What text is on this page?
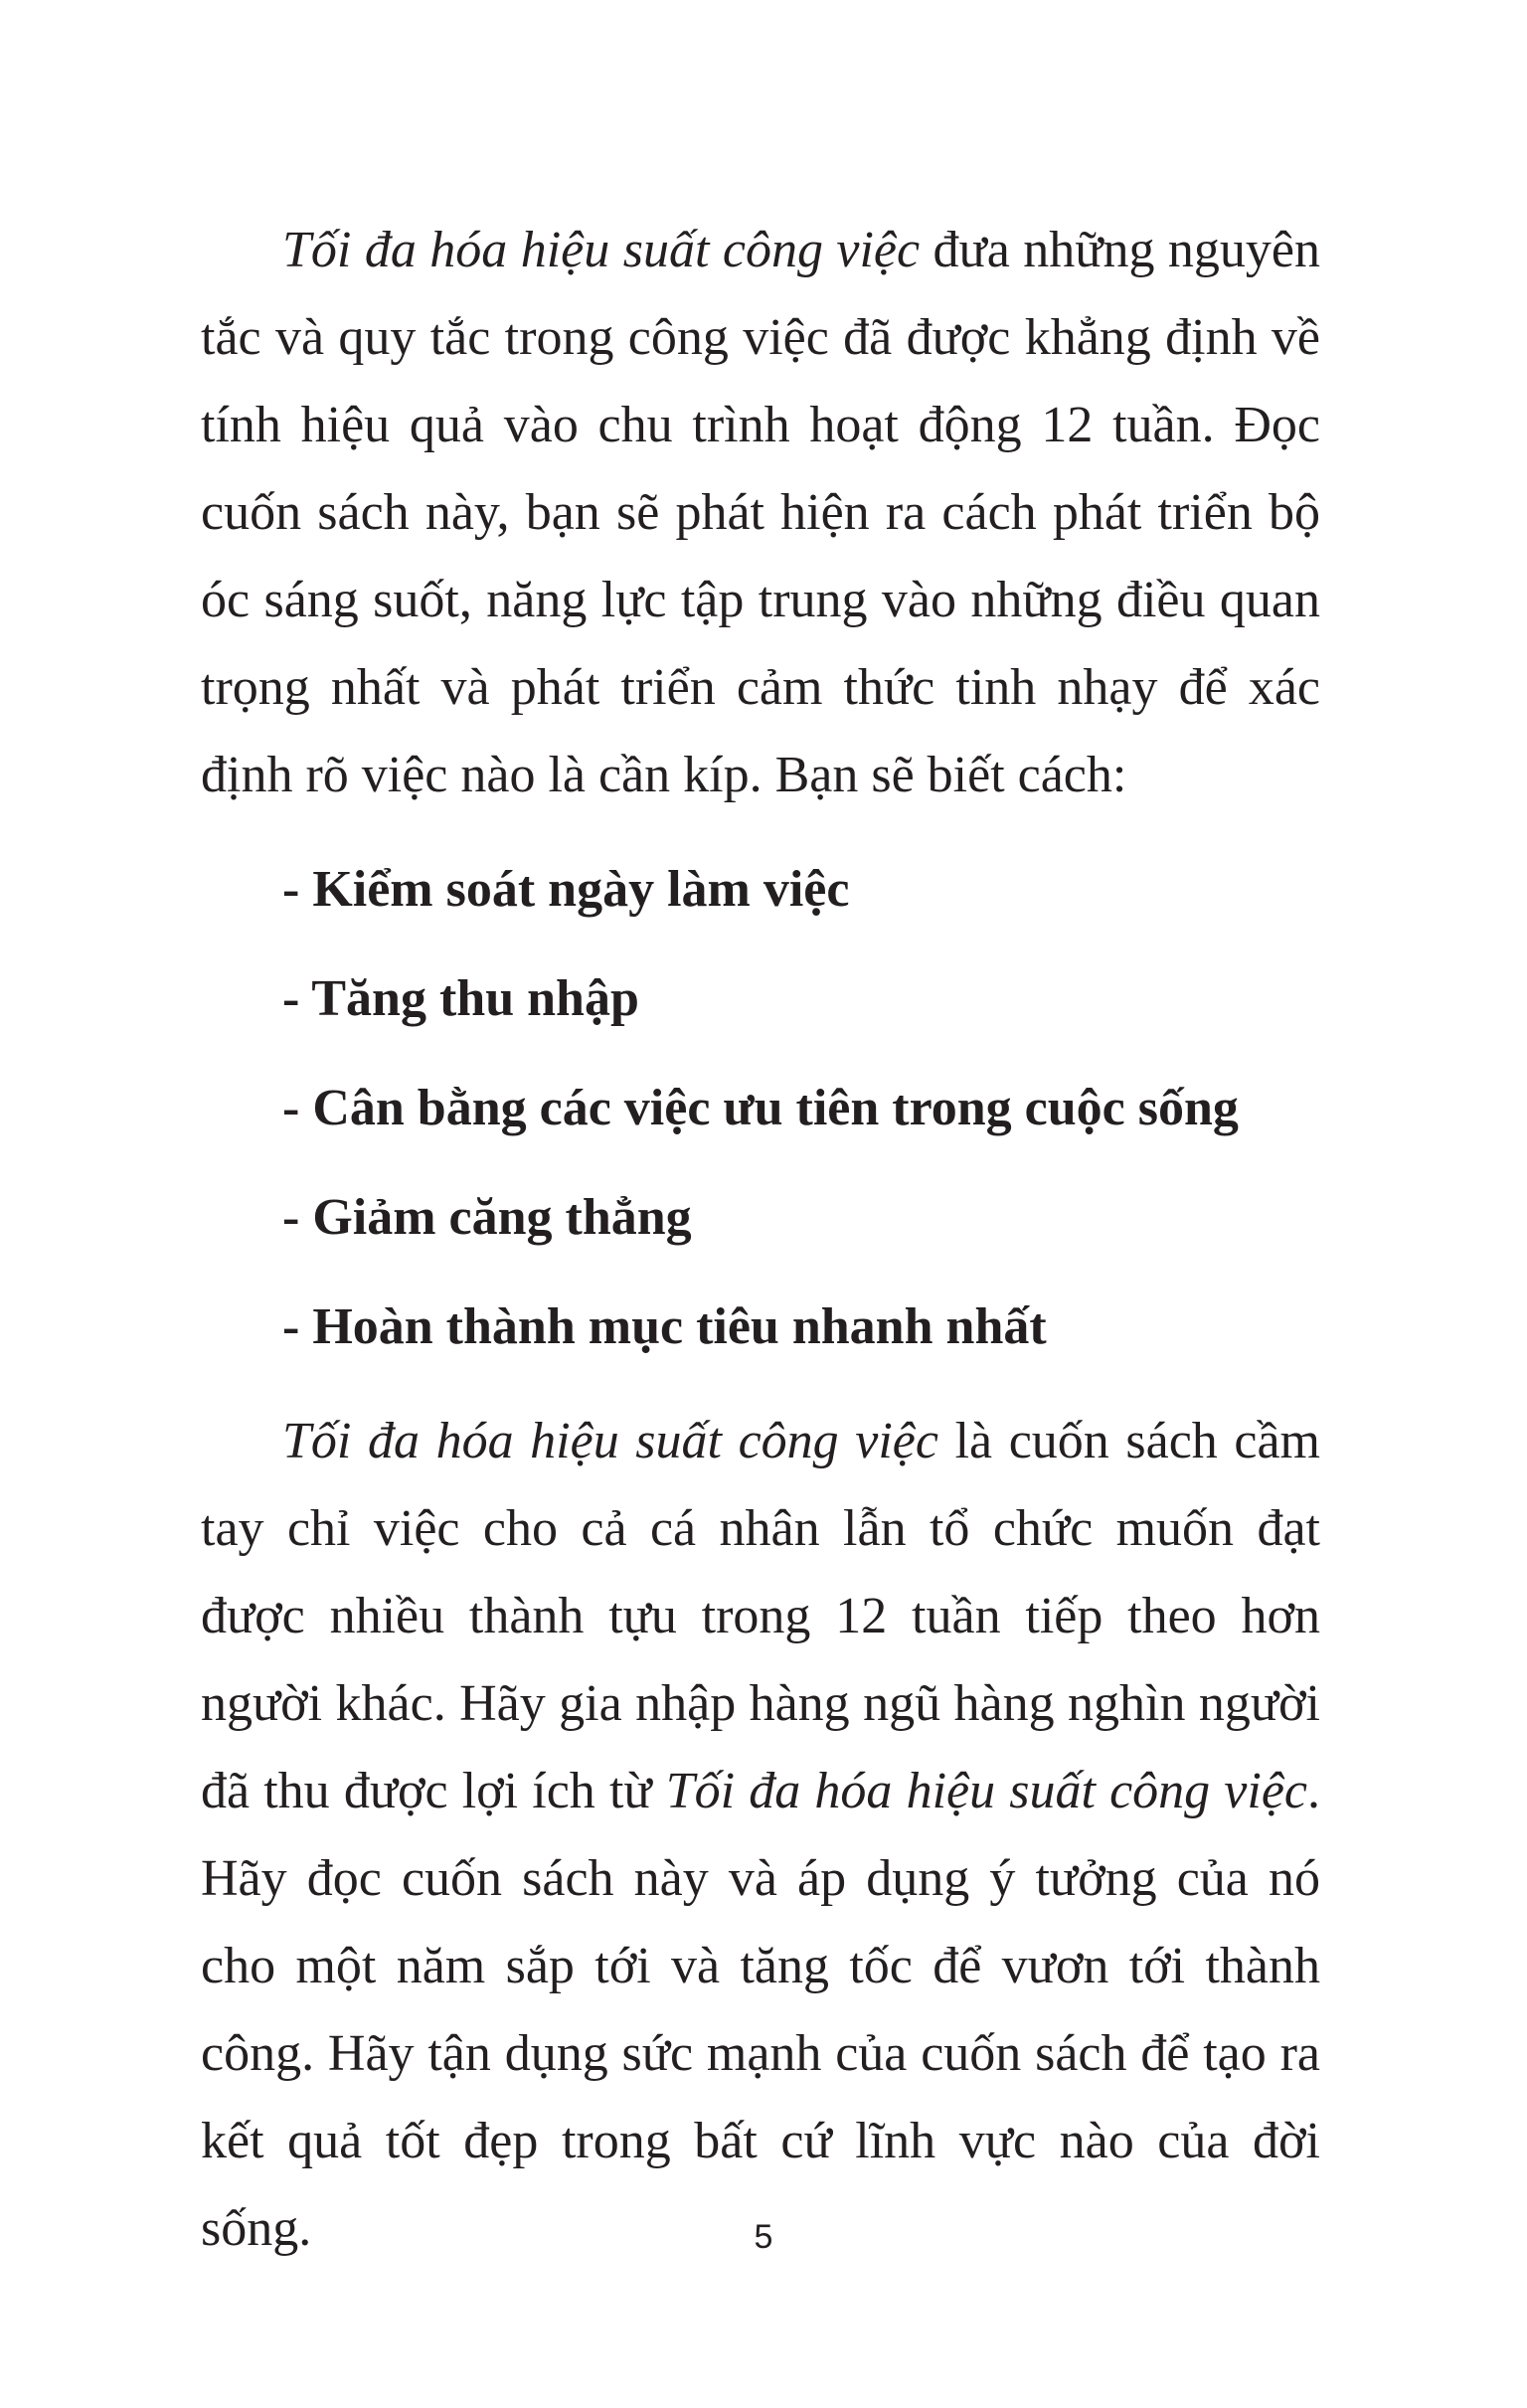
Tối đa hóa hiệu suất công việc đưa những nguyên tắc và quy tắc trong công việc đã được khẳng định về tính hiệu quả vào chu trình hoạt động 12 tuần. Đọc cuốn sách này, bạn sẽ phát hiện ra cách phát triển bộ óc sáng suốt, năng lực tập trung vào những điều quan trọng nhất và phát triển cảm thức tinh nhạy để xác định rõ việc nào là cần kíp. Bạn sẽ biết cách:

- Kiểm soát ngày làm việc
- Tăng thu nhập
- Cân bằng các việc ưu tiên trong cuộc sống
- Giảm căng thẳng
- Hoàn thành mục tiêu nhanh nhất

Tối đa hóa hiệu suất công việc là cuốn sách cầm tay chỉ việc cho cả cá nhân lẫn tổ chức muốn đạt được nhiều thành tựu trong 12 tuần tiếp theo hơn người khác. Hãy gia nhập hàng ngũ hàng nghìn người đã thu được lợi ích từ Tối đa hóa hiệu suất công việc. Hãy đọc cuốn sách này và áp dụng ý tưởng của nó cho một năm sắp tới và tăng tốc để vươn tới thành công. Hãy tận dụng sức mạnh của cuốn sách để tạo ra kết quả tốt đẹp trong bất cứ lĩnh vực nào của đời sống.	5
